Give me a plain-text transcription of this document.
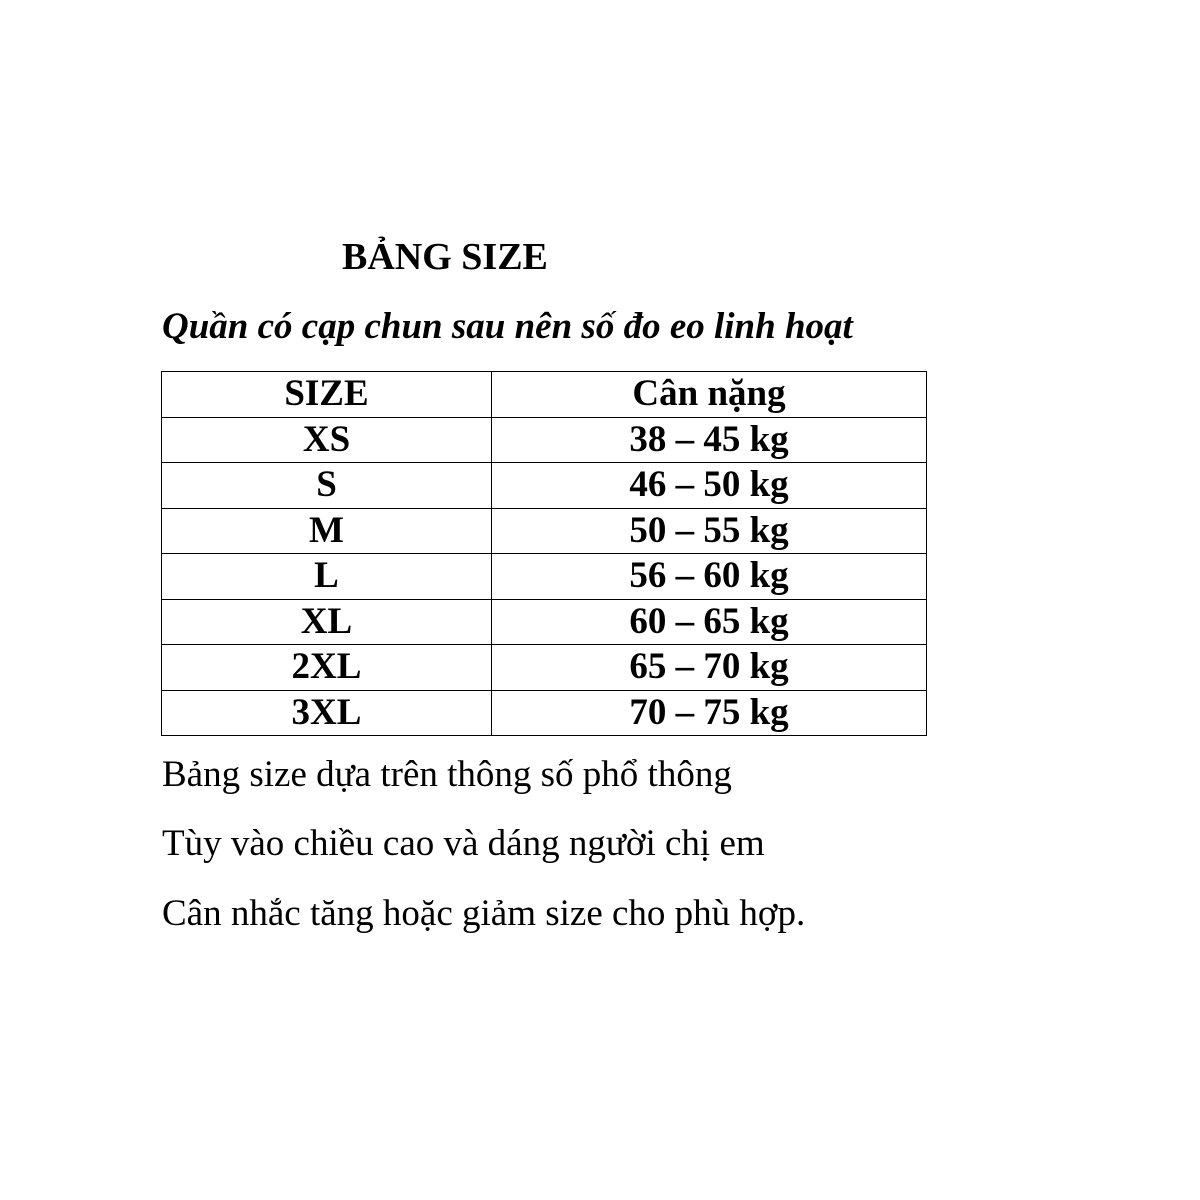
BẢNG SIZE
Quần có cạp chun sau nên số đo eo linh hoạt
SIZE	Cân nặng
XS	38 – 45 kg
S	46 – 50 kg
M	50 – 55 kg
L	56 – 60 kg
XL	60 – 65 kg
2XL	65 – 70 kg
3XL	70 – 75 kg
Bảng size dựa trên thông số phổ thông
Tùy vào chiều cao và dáng người chị em
Cân nhắc tăng hoặc giảm size cho phù hợp.
